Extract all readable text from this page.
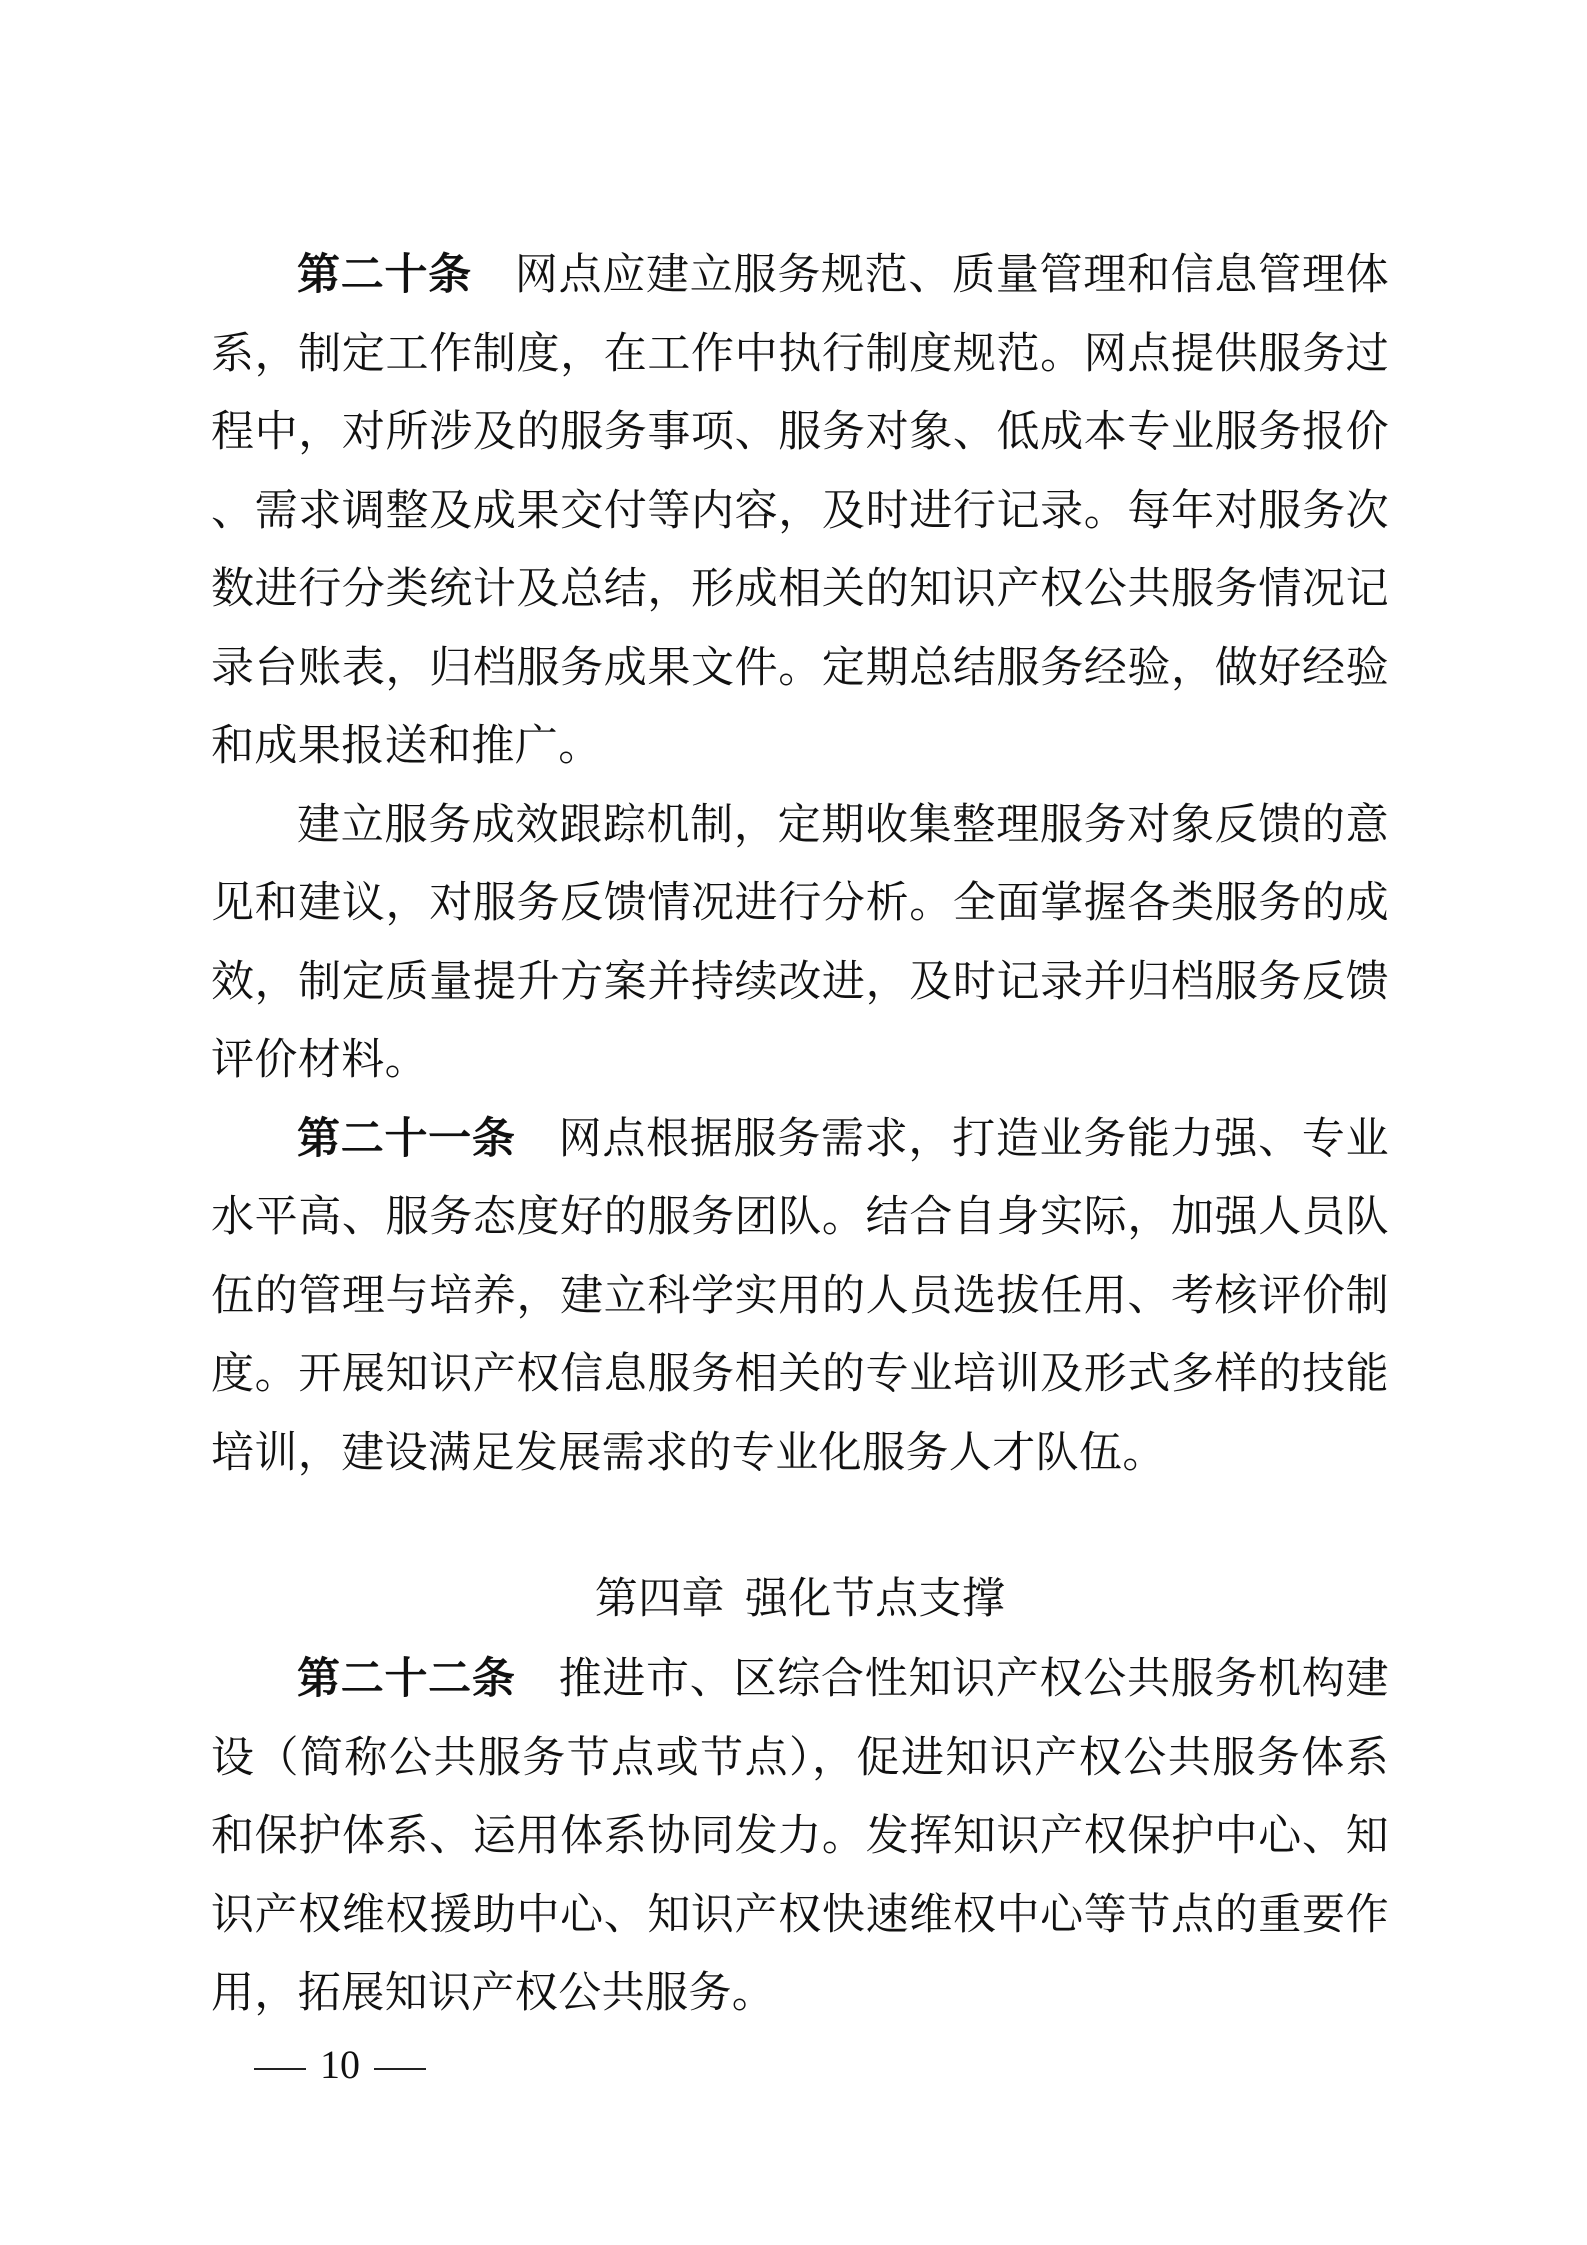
第二十条 网点应建立服务规范、质量管理和信息管理体系，制定工作制度，在工作中执行制度规范。网点提供服务过程中，对所涉及的服务事项、服务对象、低成本专业服务报价、需求调整及成果交付等内容，及时进行记录。每年对服务次数进行分类统计及总结，形成相关的知识产权公共服务情况记录台账表，归档服务成果文件。定期总结服务经验，做好经验和成果报送和推广。

建立服务成效跟踪机制，定期收集整理服务对象反馈的意见和建议，对服务反馈情况进行分析。全面掌握各类服务的成效，制定质量提升方案并持续改进，及时记录并归档服务反馈评价材料。

第二十一条 网点根据服务需求，打造业务能力强、专业水平高、服务态度好的服务团队。结合自身实际，加强人员队伍的管理与培养，建立科学实用的人员选拔任用、考核评价制度。开展知识产权信息服务相关的专业培训及形式多样的技能培训，建设满足发展需求的专业化服务人才队伍。

第四章 强化节点支撑

第二十二条 推进市、区综合性知识产权公共服务机构建设（简称公共服务节点或节点），促进知识产权公共服务体系和保护体系、运用体系协同发力。发挥知识产权保护中心、知识产权维权援助中心、知识产权快速维权中心等节点的重要作用，拓展知识产权公共服务。

10
